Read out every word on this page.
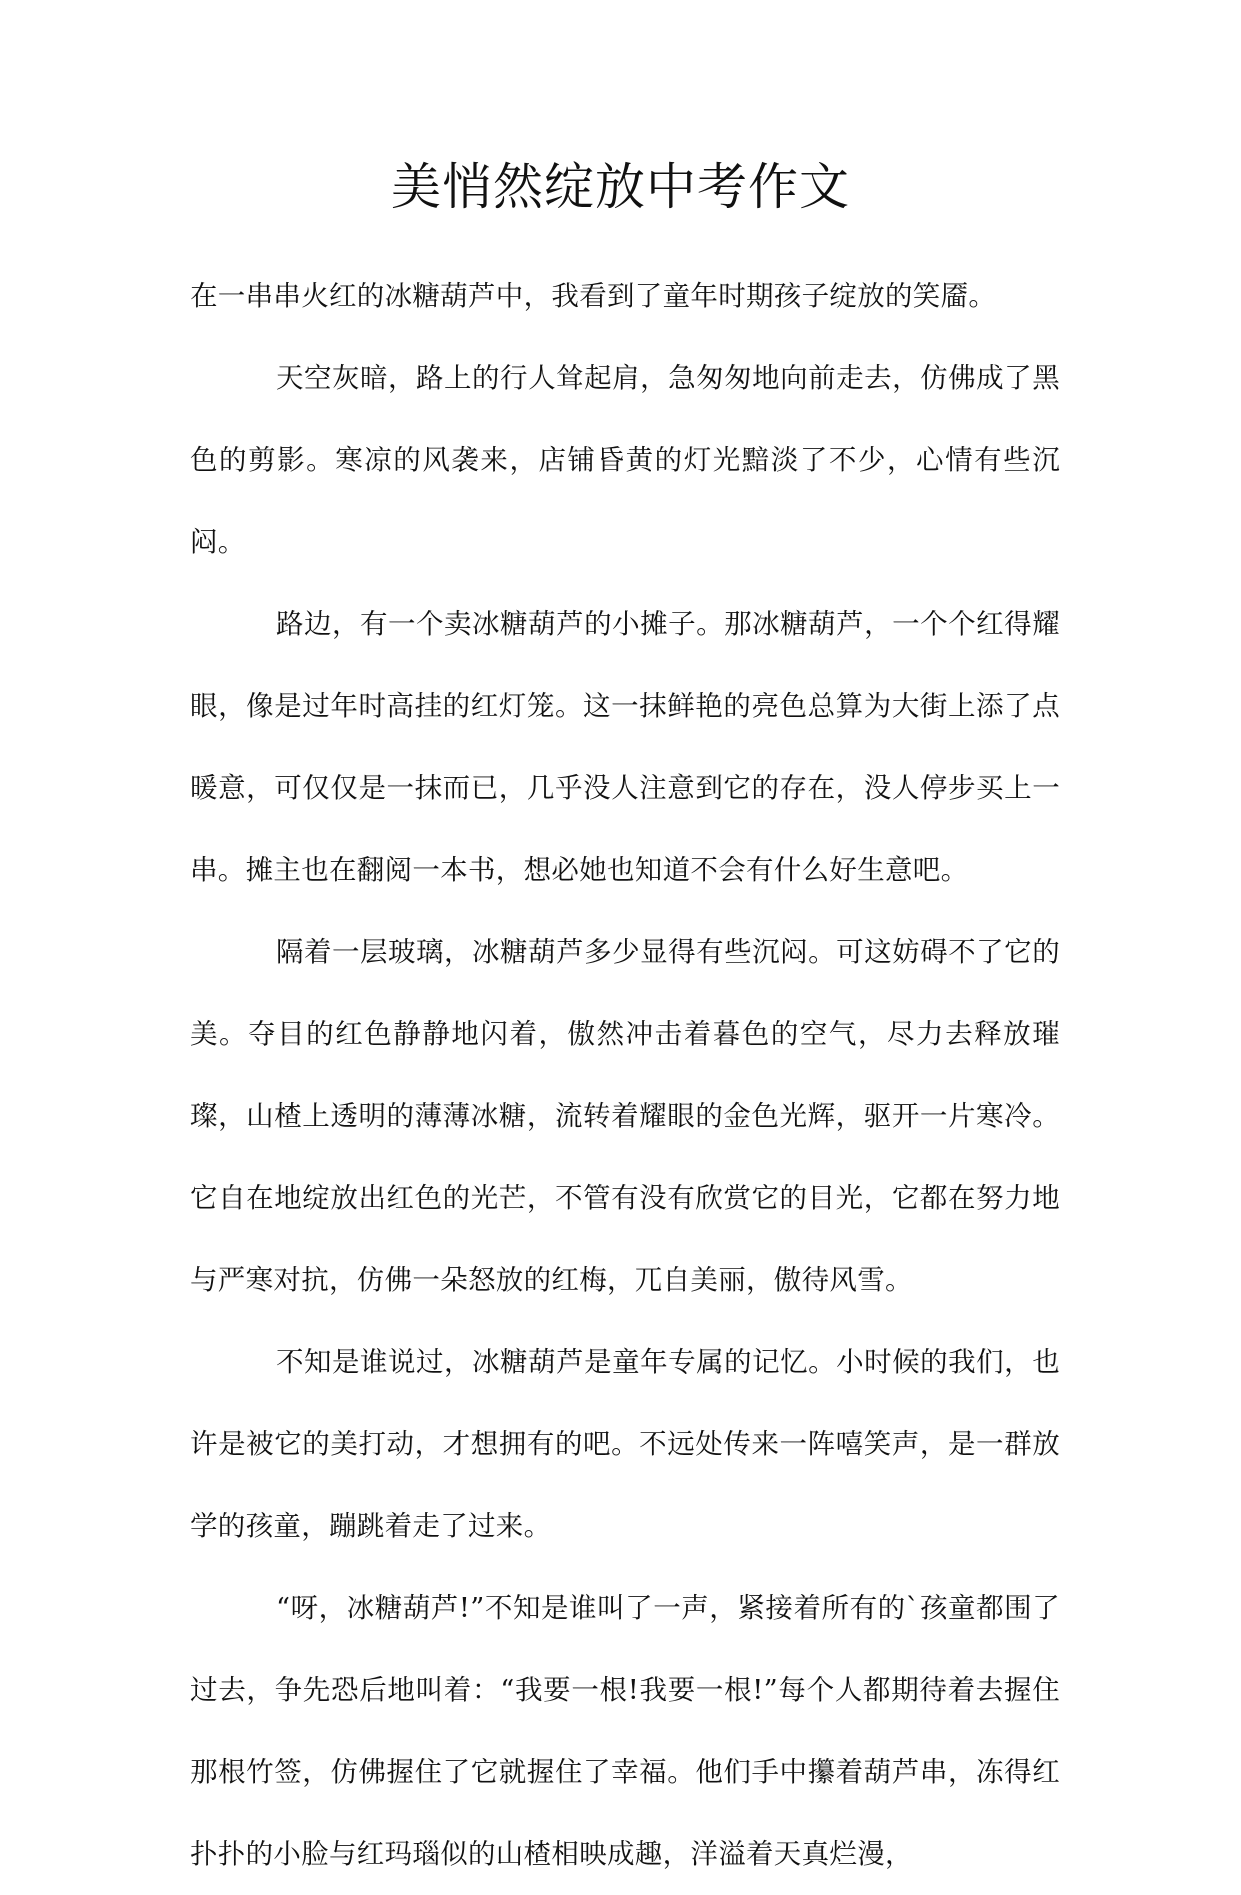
美悄然绽放中考作文

在一串串火红的冰糖葫芦中，我看到了童年时期孩子绽放的笑靥。

天空灰暗，路上的行人耸起肩，急匆匆地向前走去，仿佛成了黑色的剪影。寒凉的风袭来，店铺昏黄的灯光黯淡了不少，心情有些沉闷。

路边，有一个卖冰糖葫芦的小摊子。那冰糖葫芦，一个个红得耀眼，像是过年时高挂的红灯笼。这一抹鲜艳的亮色总算为大街上添了点暖意，可仅仅是一抹而已，几乎没人注意到它的存在，没人停步买上一串。摊主也在翻阅一本书，想必她也知道不会有什么好生意吧。

隔着一层玻璃，冰糖葫芦多少显得有些沉闷。可这妨碍不了它的美。夺目的红色静静地闪着，傲然冲击着暮色的空气，尽力去释放璀璨，山楂上透明的薄薄冰糖，流转着耀眼的金色光辉，驱开一片寒冷。它自在地绽放出红色的光芒，不管有没有欣赏它的目光，它都在努力地与严寒对抗，仿佛一朵怒放的红梅，兀自美丽，傲待风雪。

不知是谁说过，冰糖葫芦是童年专属的记忆。小时候的我们，也许是被它的美打动，才想拥有的吧。不远处传来一阵嘻笑声，是一群放学的孩童，蹦跳着走了过来。

“呀，冰糖葫芦!”不知是谁叫了一声，紧接着所有的`孩童都围了过去，争先恐后地叫着：“我要一根!我要一根!”每个人都期待着去握住那根竹签，仿佛握住了它就握住了幸福。他们手中攥着葫芦串，冻得红扑扑的小脸与红玛瑙似的山楂相映成趣，洋溢着天真烂漫，
